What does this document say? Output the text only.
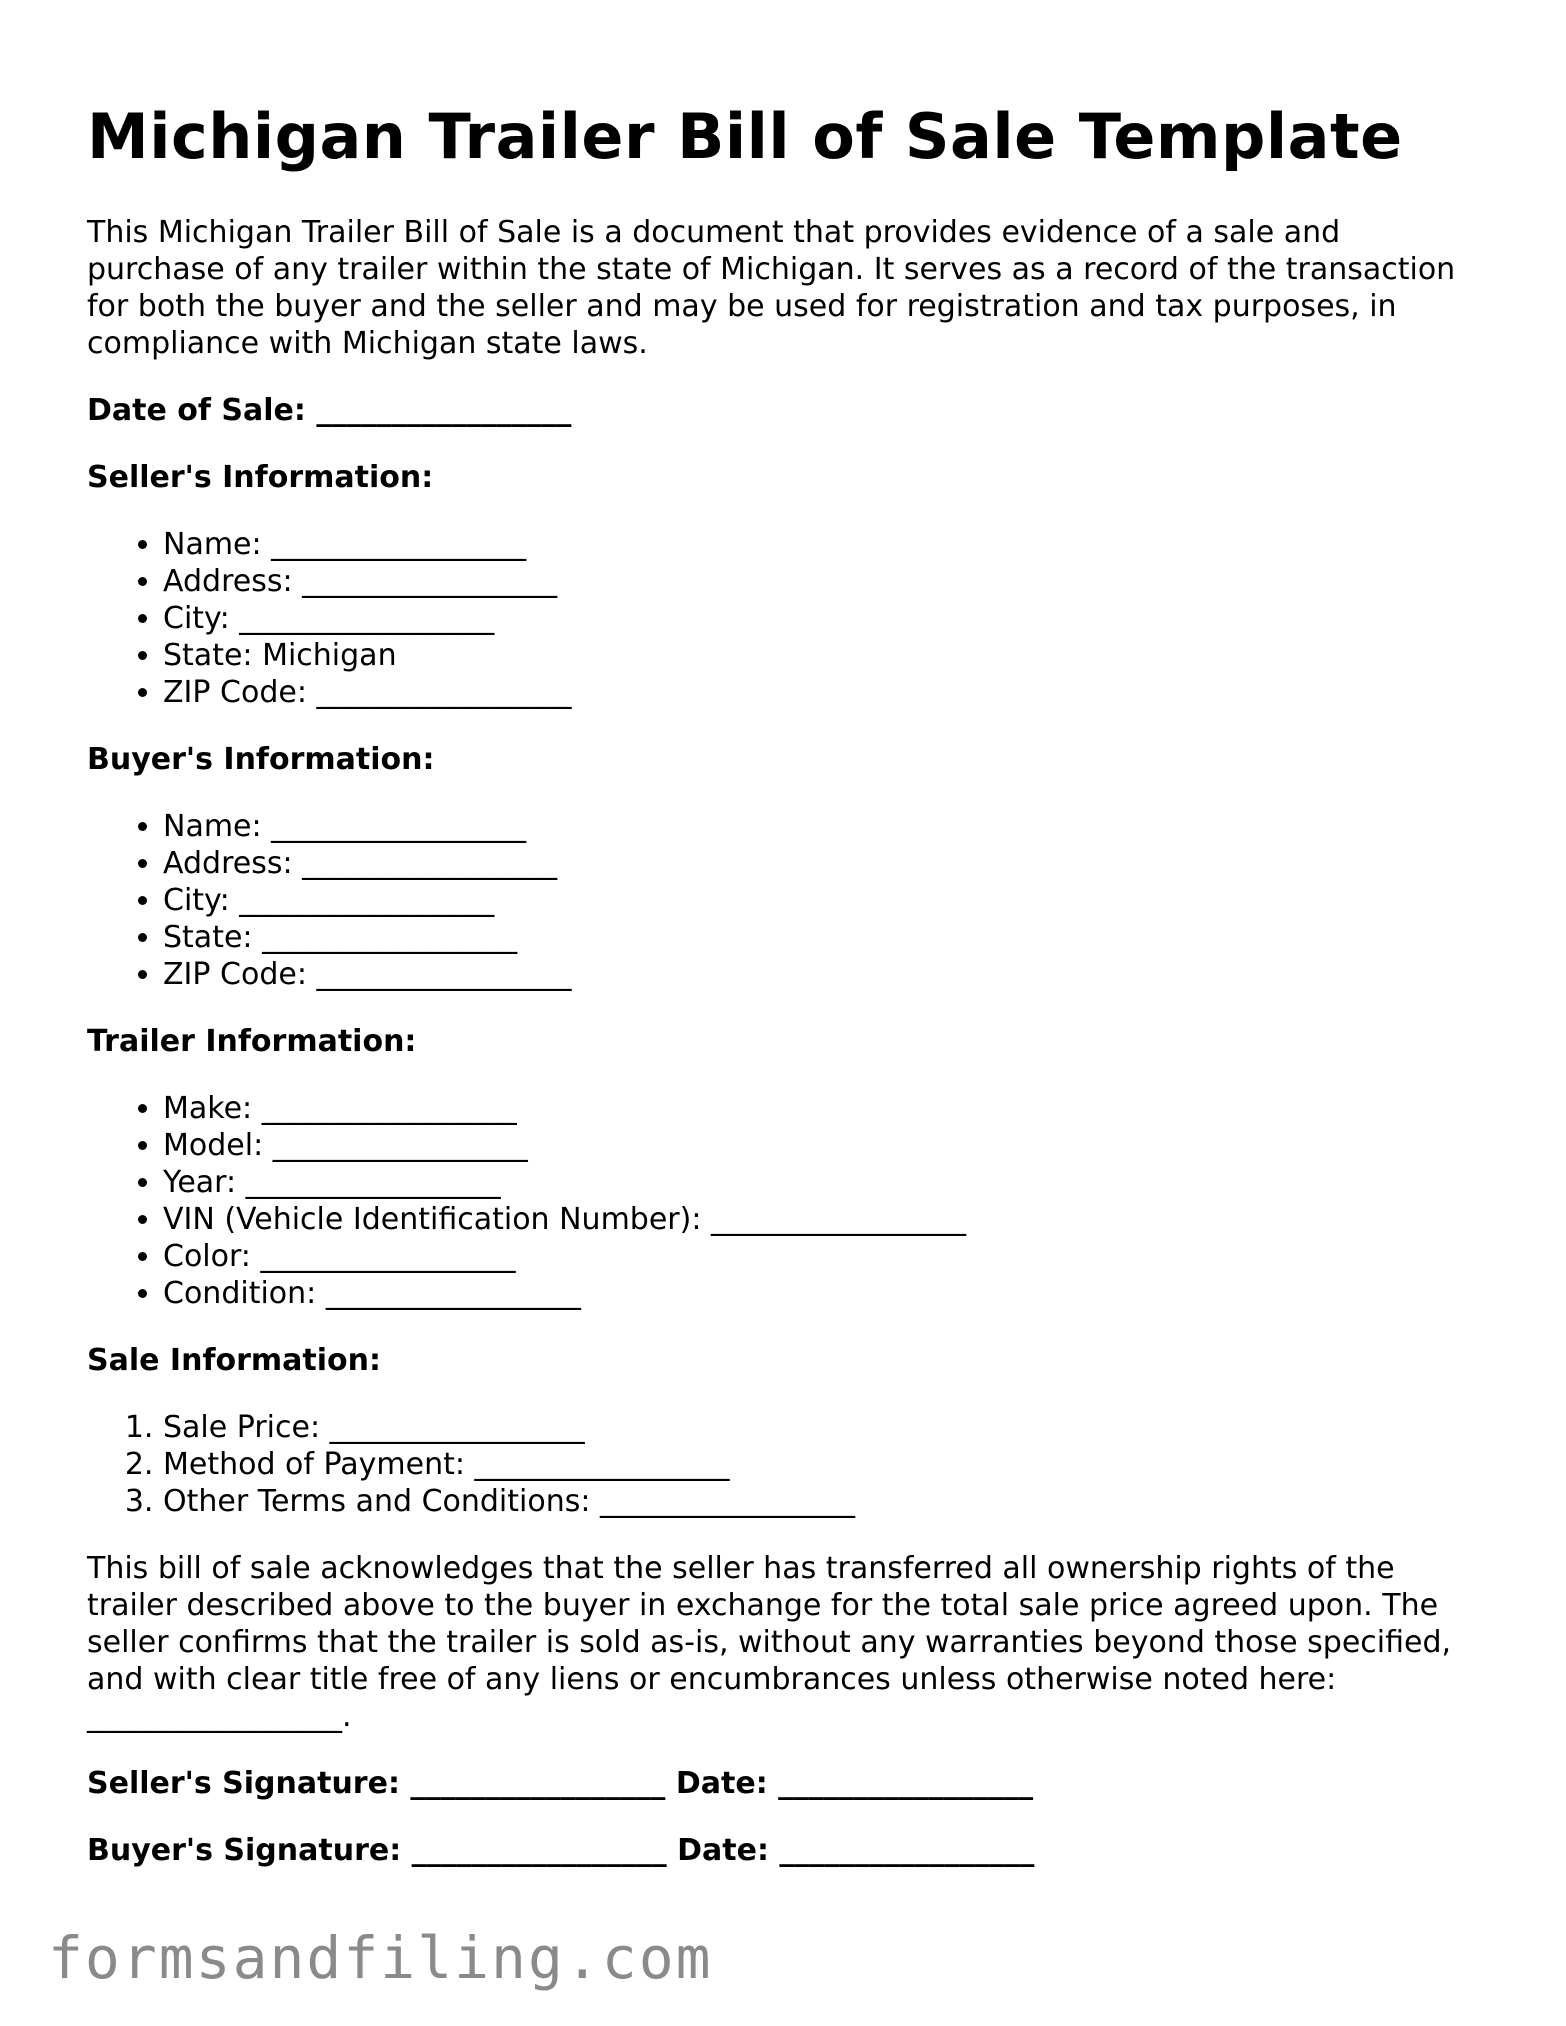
Michigan Trailer Bill of Sale Template

This Michigan Trailer Bill of Sale is a document that provides evidence of a sale and purchase of any trailer within the state of Michigan. It serves as a record of the transaction for both the buyer and the seller and may be used for registration and tax purposes, in compliance with Michigan state laws.

Date of Sale: _________________
Seller's Information:
• Name: _________________
• Address: _________________
• City: _________________
• State: Michigan
• ZIP Code: _________________
Buyer's Information:
• Name: _________________
• Address: _________________
• City: _________________
• State: _________________
• ZIP Code: _________________
Trailer Information:
• Make: _________________
• Model: _________________
• Year: _________________
• VIN (Vehicle Identification Number): _________________
• Color: _________________
• Condition: _________________
Sale Information:
1. Sale Price: _________________
2. Method of Payment: _________________
3. Other Terms and Conditions: _________________

This bill of sale acknowledges that the seller has transferred all ownership rights of the trailer described above to the buyer in exchange for the total sale price agreed upon. The seller confirms that the trailer is sold as-is, without any warranties beyond those specified, and with clear title free of any liens or encumbrances unless otherwise noted here: _________________.

Seller's Signature: _________________ Date: _________________
Buyer's Signature: _________________ Date: _________________
formsandfiling.com
